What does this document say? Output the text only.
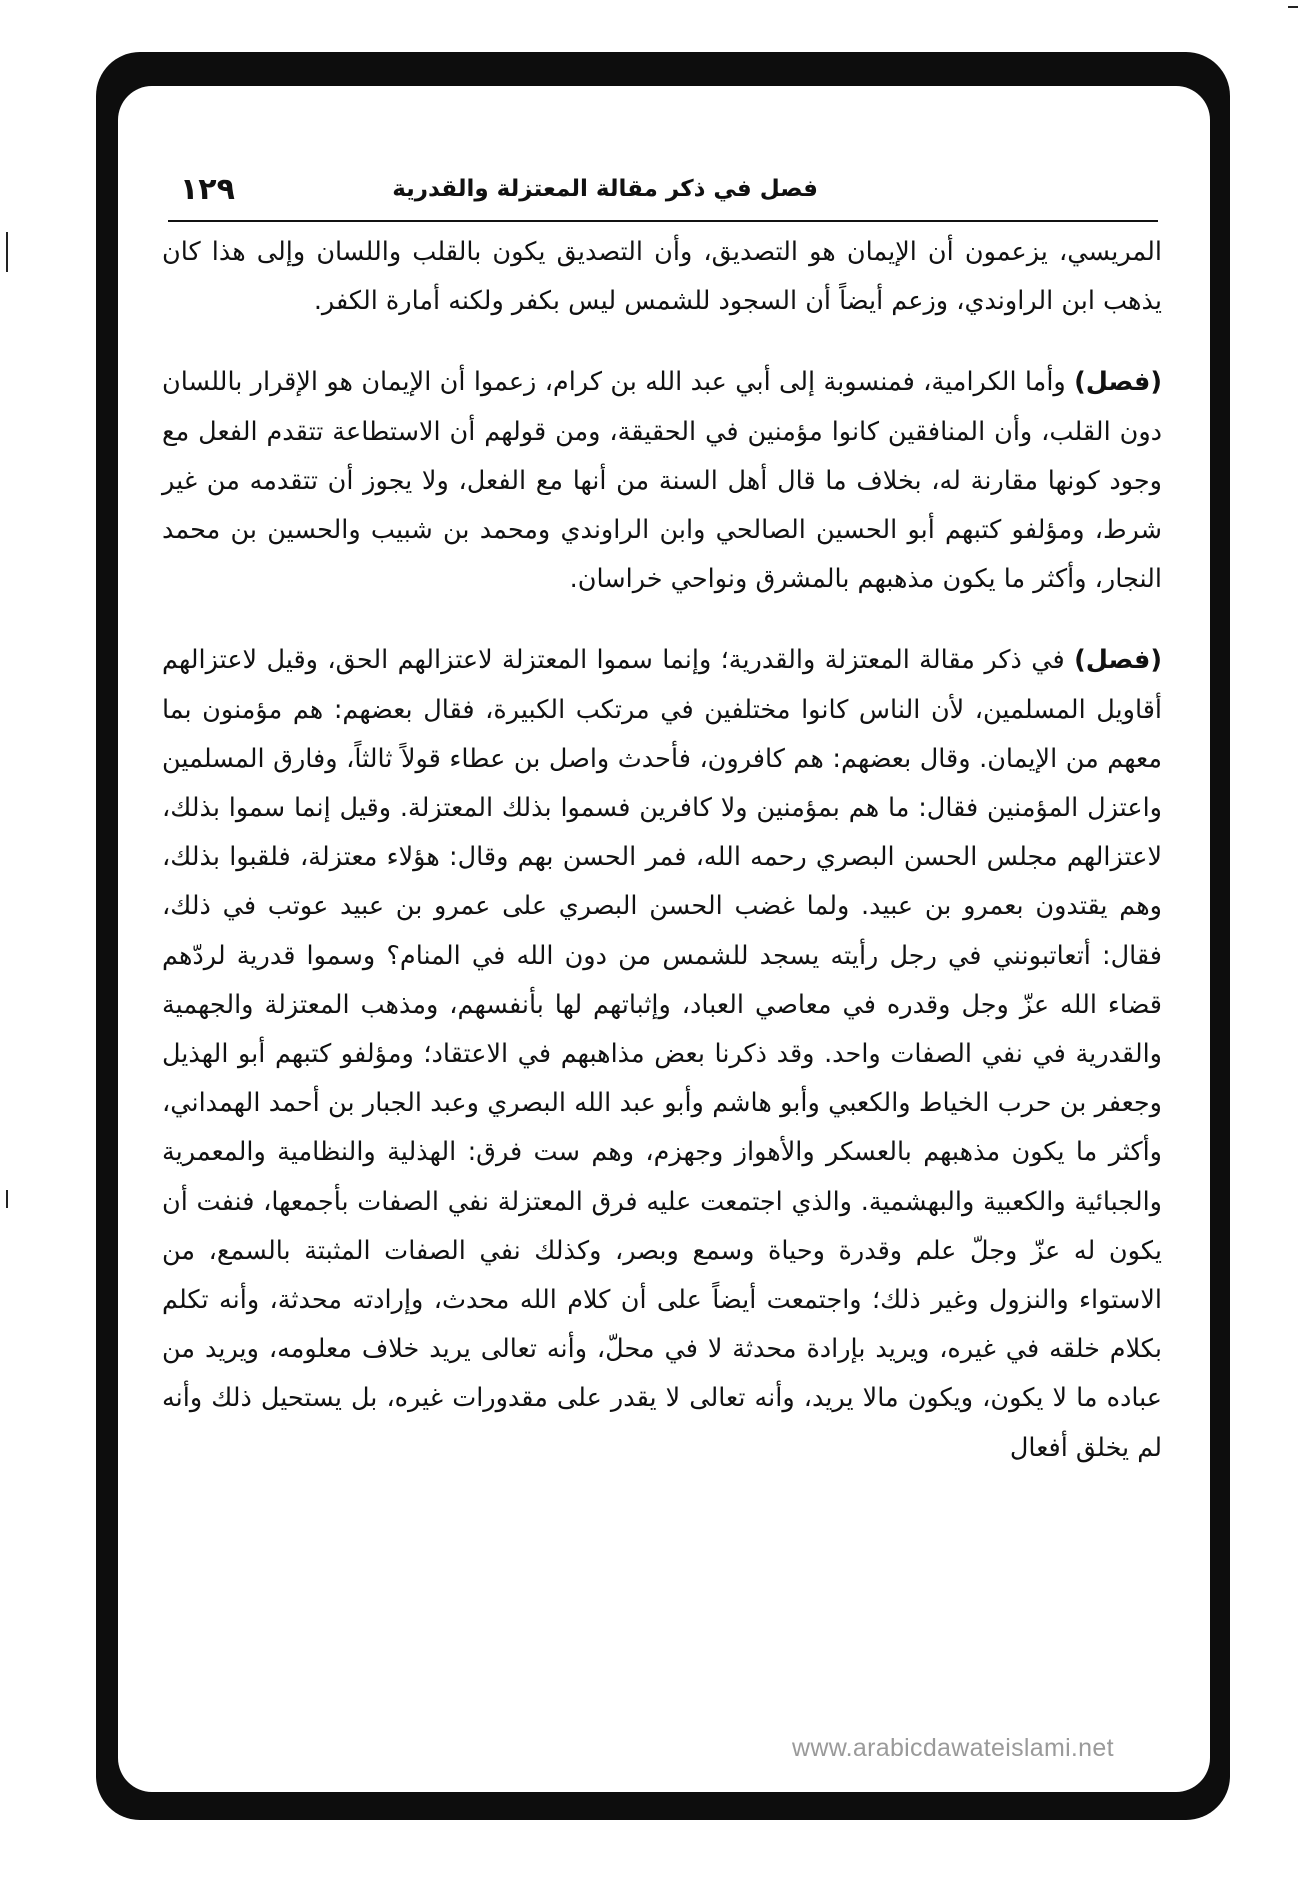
فصل في ذكر مقالة المعتزلة والقدرية
١٢٩

المريسي، يزعمون أن الإيمان هو التصديق، وأن التصديق يكون بالقلب واللسان وإلى هذا كان يذهب ابن الراوندي، وزعم أيضاً أن السجود للشمس ليس بكفر ولكنه أمارة الكفر.

(فصل) وأما الكرامية، فمنسوبة إلى أبي عبد الله بن كرام، زعموا أن الإيمان هو الإقرار باللسان دون القلب، وأن المنافقين كانوا مؤمنين في الحقيقة، ومن قولهم أن الاستطاعة تتقدم الفعل مع وجود كونها مقارنة له، بخلاف ما قال أهل السنة من أنها مع الفعل، ولا يجوز أن تتقدمه من غير شرط، ومؤلفو كتبهم أبو الحسين الصالحي وابن الراوندي ومحمد بن شبيب والحسين بن محمد النجار، وأكثر ما يكون مذهبهم بالمشرق ونواحي خراسان.

(فصل) في ذكر مقالة المعتزلة والقدرية؛ وإنما سموا المعتزلة لاعتزالهم الحق، وقيل لاعتزالهم أقاويل المسلمين، لأن الناس كانوا مختلفين في مرتكب الكبيرة، فقال بعضهم: هم مؤمنون بما معهم من الإيمان. وقال بعضهم: هم كافرون، فأحدث واصل بن عطاء قولاً ثالثاً، وفارق المسلمين واعتزل المؤمنين فقال: ما هم بمؤمنين ولا كافرين فسموا بذلك المعتزلة. وقيل إنما سموا بذلك، لاعتزالهم مجلس الحسن البصري رحمه الله، فمر الحسن بهم وقال: هؤلاء معتزلة، فلقبوا بذلك، وهم يقتدون بعمرو بن عبيد. ولما غضب الحسن البصري على عمرو بن عبيد عوتب في ذلك، فقال: أتعاتبونني في رجل رأيته يسجد للشمس من دون الله في المنام؟ وسموا قدرية لردّهم قضاء الله عزّ وجل وقدره في معاصي العباد، وإثباتهم لها بأنفسهم، ومذهب المعتزلة والجهمية والقدرية في نفي الصفات واحد. وقد ذكرنا بعض مذاهبهم في الاعتقاد؛ ومؤلفو كتبهم أبو الهذيل وجعفر بن حرب الخياط والكعبي وأبو هاشم وأبو عبد الله البصري وعبد الجبار بن أحمد الهمداني، وأكثر ما يكون مذهبهم بالعسكر والأهواز وجهزم، وهم ست فرق: الهذلية والنظامية والمعمرية والجبائية والكعبية والبهشمية. والذي اجتمعت عليه فرق المعتزلة نفي الصفات بأجمعها، فنفت أن يكون له عزّ وجلّ علم وقدرة وحياة وسمع وبصر، وكذلك نفي الصفات المثبتة بالسمع، من الاستواء والنزول وغير ذلك؛ واجتمعت أيضاً على أن كلام الله محدث، وإرادته محدثة، وأنه تكلم بكلام خلقه في غيره، ويريد بإرادة محدثة لا في محلّ، وأنه تعالى يريد خلاف معلومه، ويريد من عباده ما لا يكون، ويكون مالا يريد، وأنه تعالى لا يقدر على مقدورات غيره، بل يستحيل ذلك وأنه لم يخلق أفعال

www.arabicdawateislami.net
